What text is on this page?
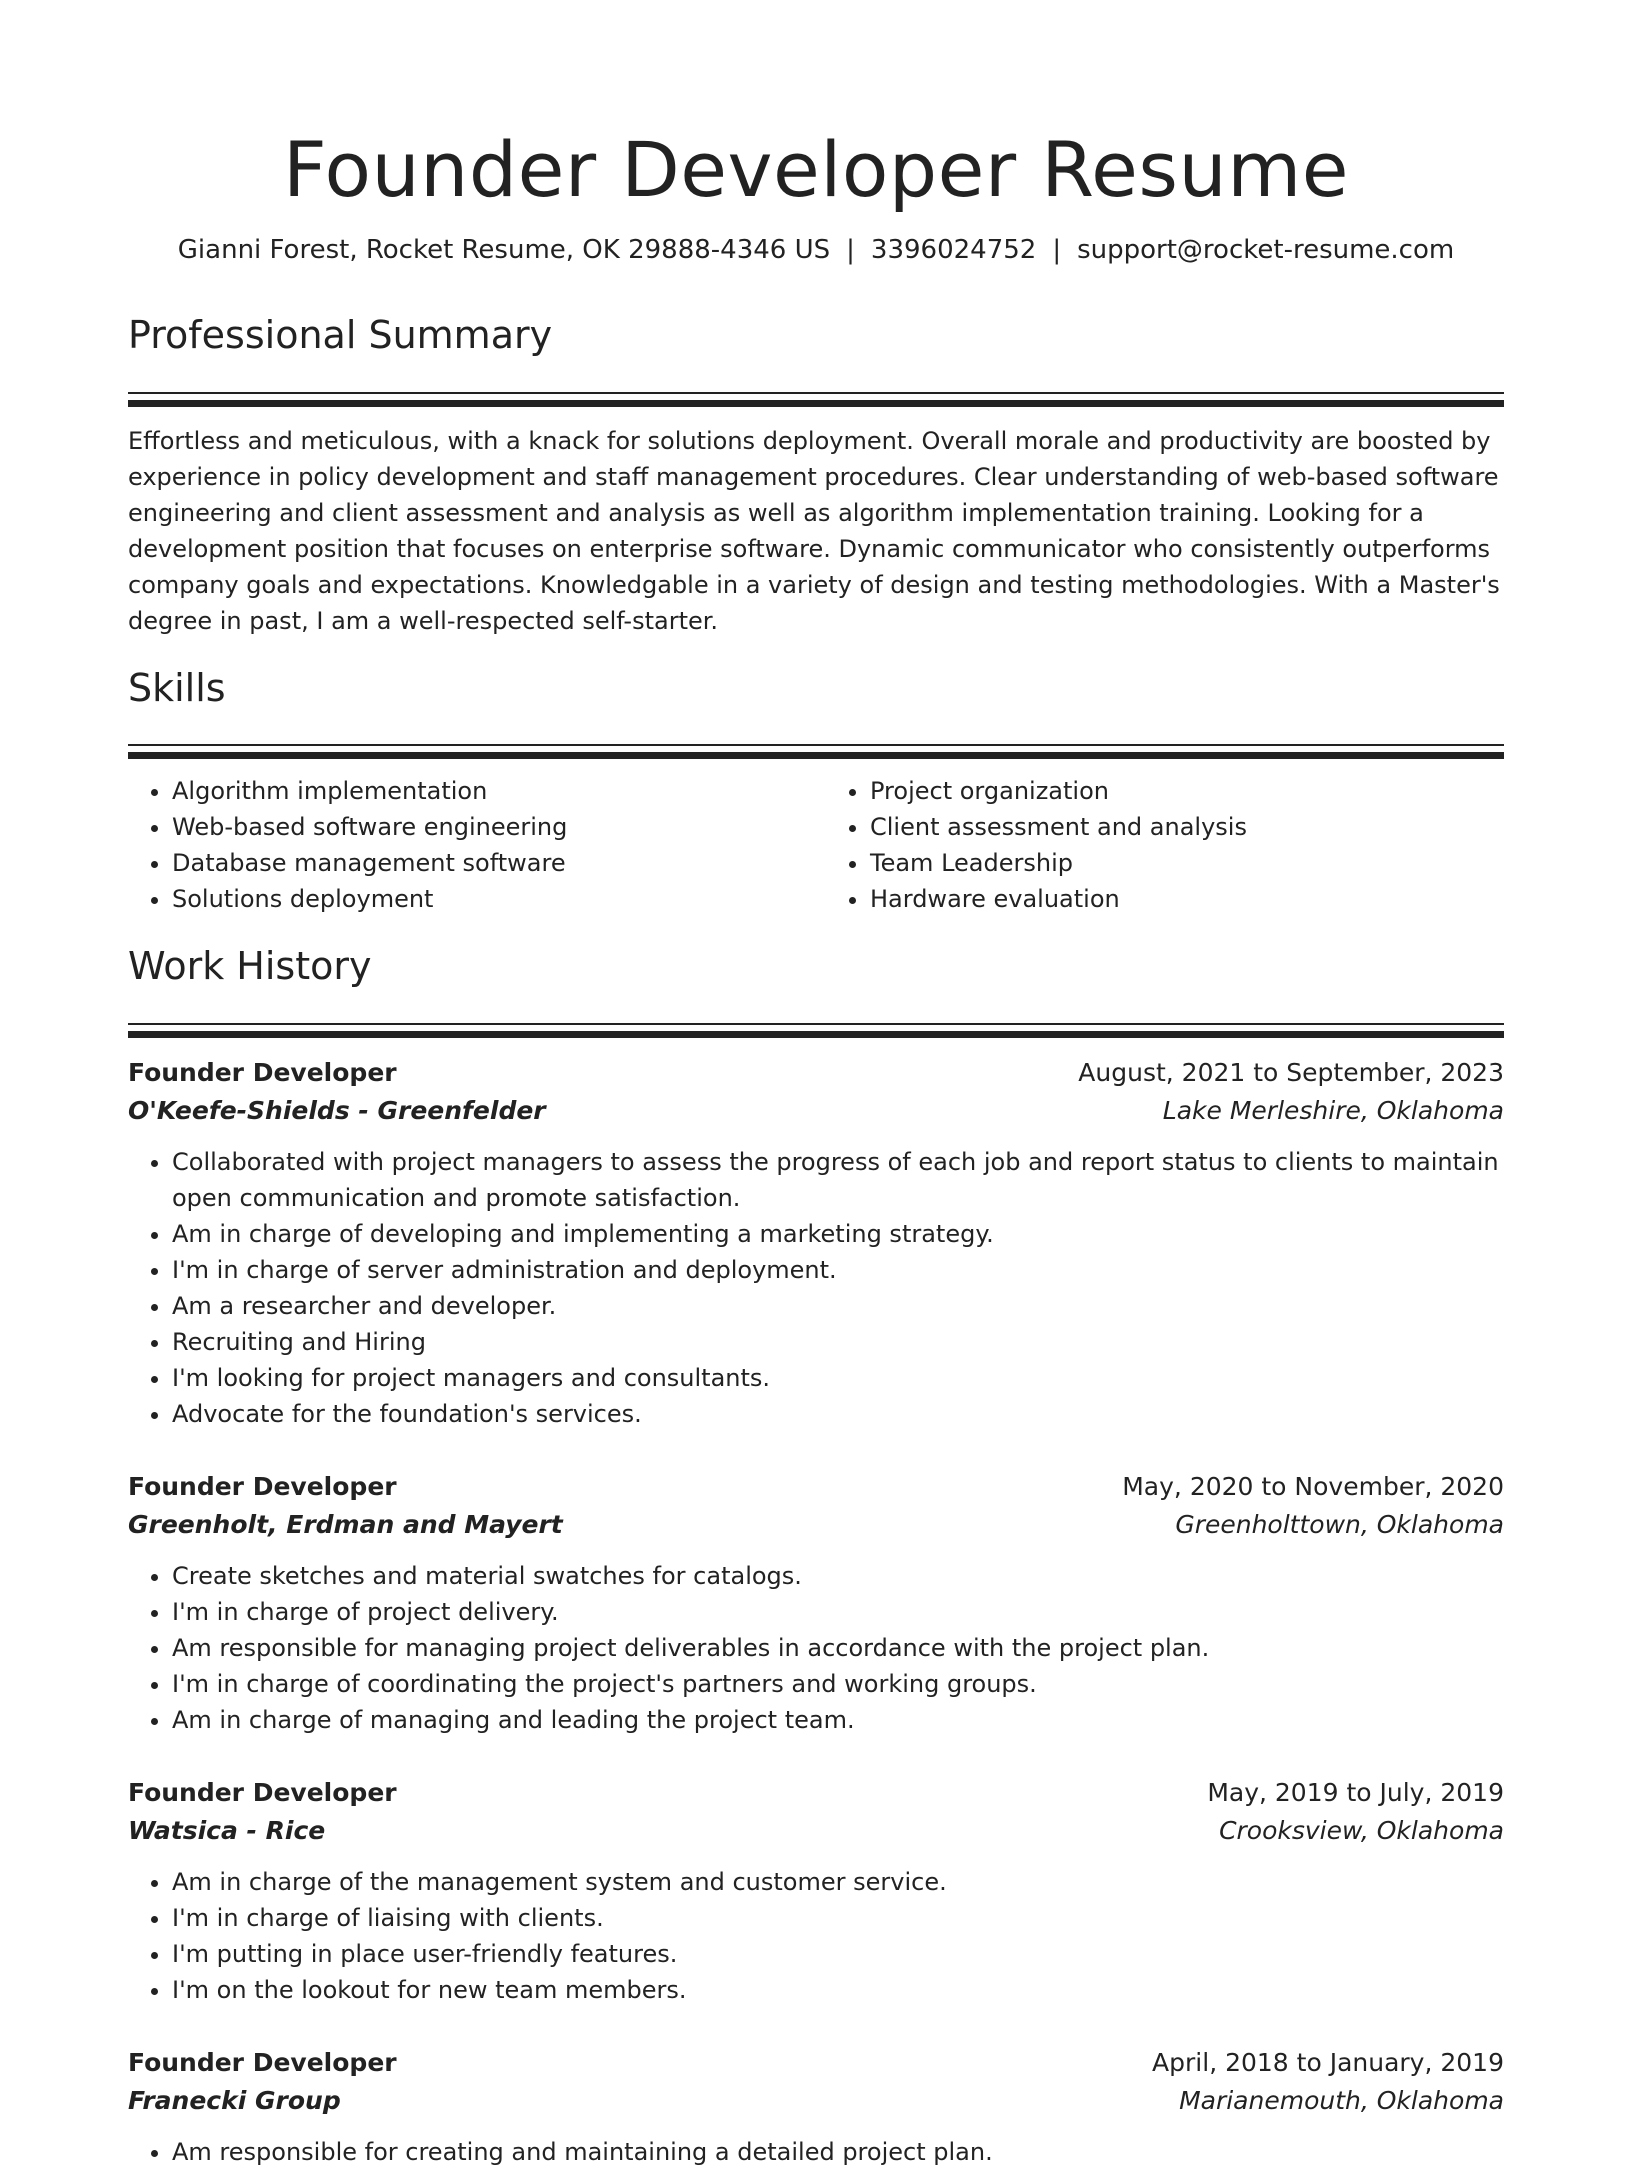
Founder Developer Resume
Gianni Forest, Rocket Resume, OK 29888-4346 US | 3396024752 | support@rocket-resume.com
Professional Summary

Effortless and meticulous, with a knack for solutions deployment. Overall morale and productivity are boosted by experience in policy development and staff management procedures. Clear understanding of web-based software engineering and client assessment and analysis as well as algorithm implementation training. Looking for a development position that focuses on enterprise software. Dynamic communicator who consistently outperforms company goals and expectations. Knowledgable in a variety of design and testing methodologies. With a Master's degree in past, I am a well-respected self-starter.

Skills
• Algorithm implementation
• Web-based software engineering
• Database management software
• Solutions deployment
• Project organization
• Client assessment and analysis
• Team Leadership
• Hardware evaluation
Work History
Founder Developer	August, 2021 to September, 2023
O'Keefe-Shields - Greenfelder	Lake Merleshire, Oklahoma
• Collaborated with project managers to assess the progress of each job and report status to clients to maintain open communication and promote satisfaction.
• Am in charge of developing and implementing a marketing strategy.
• I'm in charge of server administration and deployment.
• Am a researcher and developer.
• Recruiting and Hiring
• I'm looking for project managers and consultants.
• Advocate for the foundation's services.
Founder Developer	May, 2020 to November, 2020
Greenholt, Erdman and Mayert	Greenholttown, Oklahoma
• Create sketches and material swatches for catalogs.
• I'm in charge of project delivery.
• Am responsible for managing project deliverables in accordance with the project plan.
• I'm in charge of coordinating the project's partners and working groups.
• Am in charge of managing and leading the project team.
Founder Developer	May, 2019 to July, 2019
Watsica - Rice	Crooksview, Oklahoma
• Am in charge of the management system and customer service.
• I'm in charge of liaising with clients.
• I'm putting in place user-friendly features.
• I'm on the lookout for new team members.
Founder Developer	April, 2018 to January, 2019
Franecki Group	Marianemouth, Oklahoma
• Am responsible for creating and maintaining a detailed project plan.
